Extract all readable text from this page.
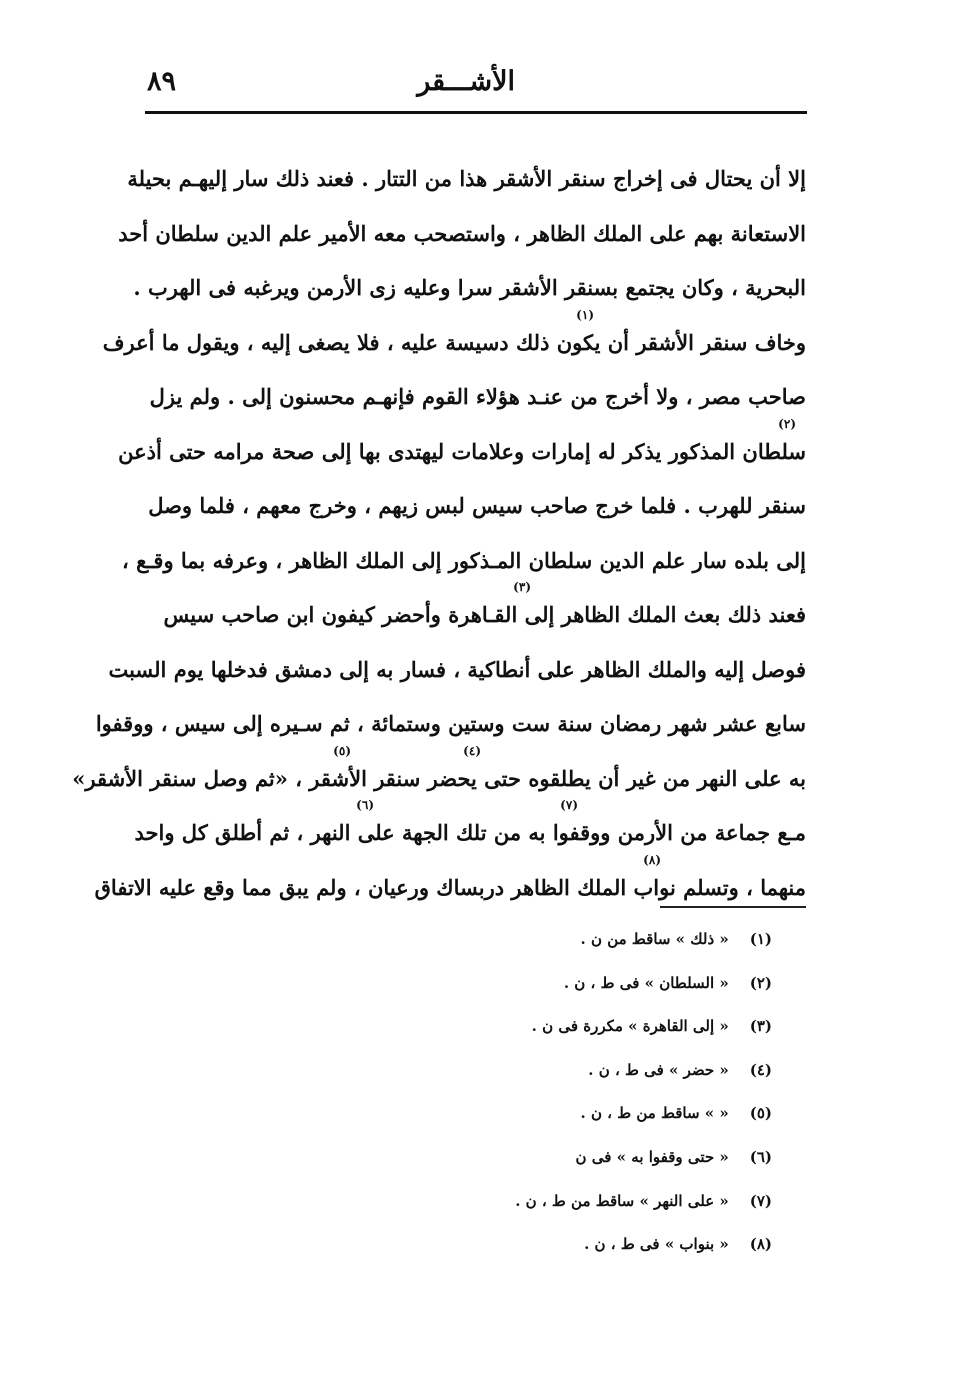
الأشـــقر
٨٩
إلا أن يحتال فى إخراج سنقر الأشقر هذا من التتار . فعند ذلك سار إليهـم بحيلة
الاستعانة بهم على الملك الظاهر ، واستصحب معه الأمير علم الدين سلطان أحد
البحرية ، وكان يجتمع بسنقر الأشقر سرا وعليه زى الأرمن ويرغبه فى الهرب .
(١)
وخاف سنقر الأشقر أن يكون ذلك دسيسة عليه ، فلا يصغى إليه ، ويقول ما أعرف
صاحب مصر ، ولا أخرج من عنـد هؤلاء القوم فإنهـم محسنون إلى . ولم يزل
(٢)
سلطان المذكور يذكر له إمارات وعلامات ليهتدى بها إلى صحة مرامه حتى أذعن
سنقر للهرب . فلما خرج صاحب سيس لبس زيهم ، وخرج معهم ، فلما وصل
إلى بلده سار علم الدين سلطان المـذكور إلى الملك الظاهر ، وعرفه بما وقـع ،
(٣)
فعند ذلك بعث الملك الظاهر إلى القـاهرة وأحضر كيفون ابن صاحب سيس
فوصل إليه والملك الظاهر على أنطاكية ، فسار به إلى دمشق فدخلها يوم السبت
سابع عشر شهر رمضان سنة ست وستين وستمائة ، ثم سـيره إلى سيس ، ووقفوا
(٤)
(٥)
به على النهر من غير أن يطلقوه حتى يحضر سنقر الأشقر ، «ثم وصل سنقر الأشقر»
(٦)	(٧)
مـع جماعة من الأرمن ووقفوا به من تلك الجهة على النهر ، ثم أطلق كل واحد
(٨)
منهما ، وتسلم نواب الملك الظاهر دربساك ورعيان ، ولم يبق مما وقع عليه الاتفاق
(١) « ذلك » ساقط من ن .
(٢) « السلطان » فى ط ، ن .
(٣) « إلى القاهرة » مكررة فى ن .
(٤) « حضر » فى ط ، ن .
(٥) « » ساقط من ط ، ن .
(٦) « حتى وقفوا به » فى ن
(٧) « على النهر » ساقط من ط ، ن .
(٨) « بنواب » فى ط ، ن .
